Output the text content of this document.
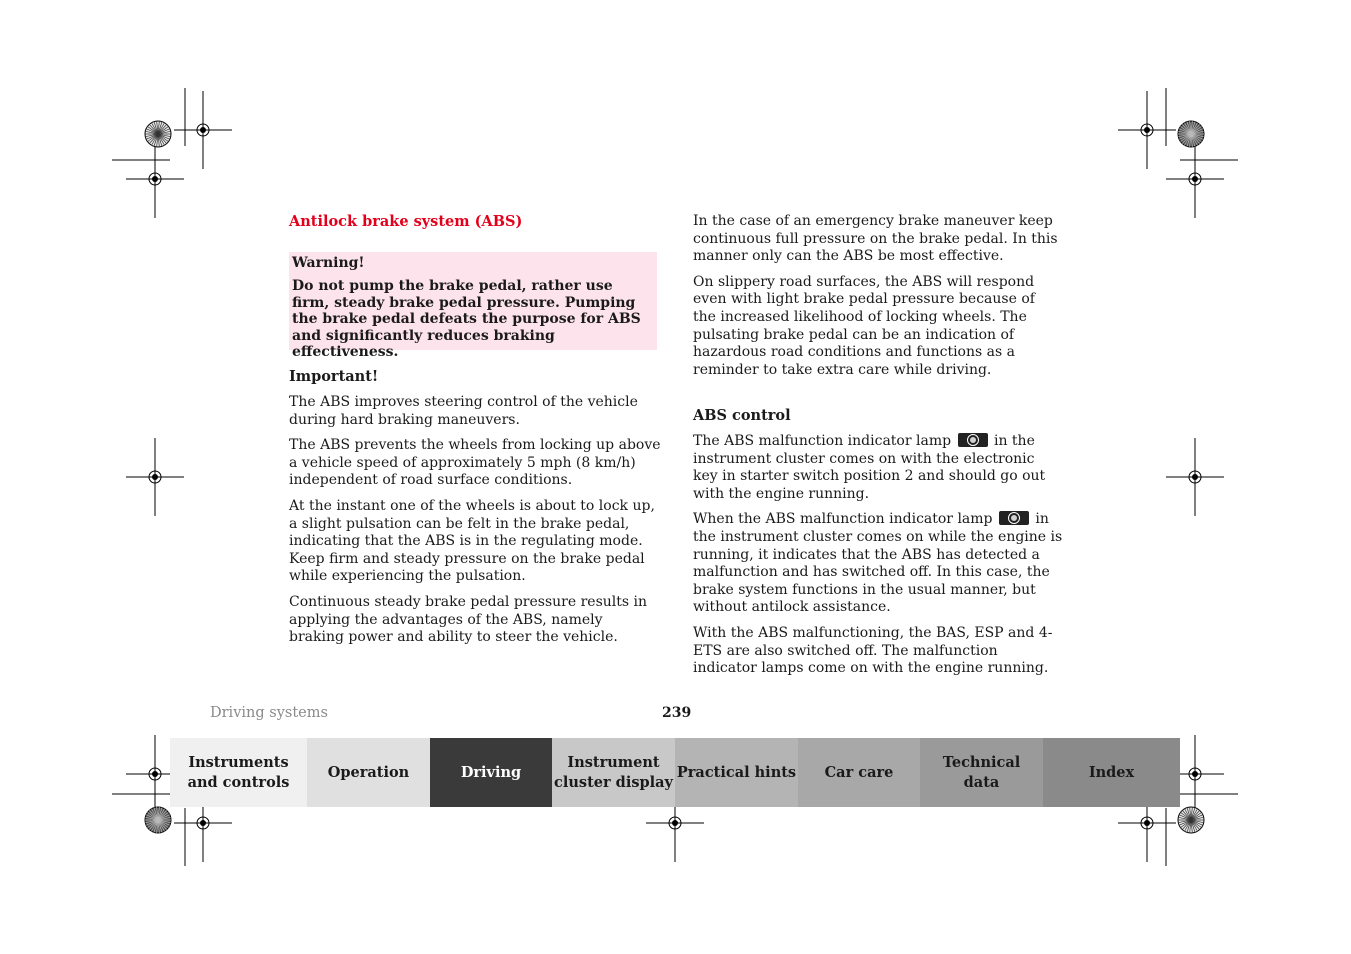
Antilock brake system (ABS)

Warning!

Do not pump the brake pedal, rather use firm, steady brake pedal pressure. Pumping the brake pedal defeats the purpose for ABS and significantly reduces braking effectiveness.

Important!

The ABS improves steering control of the vehicle during hard braking maneuvers.

The ABS prevents the wheels from locking up above a vehicle speed of approximately 5 mph (8 km/h) independent of road surface conditions.

At the instant one of the wheels is about to lock up, a slight pulsation can be felt in the brake pedal, indicating that the ABS is in the regulating mode. Keep firm and steady pressure on the brake pedal while experiencing the pulsation.

Continuous steady brake pedal pressure results in applying the advantages of the ABS, namely braking power and ability to steer the vehicle.

In the case of an emergency brake maneuver keep continuous full pressure on the brake pedal. In this manner only can the ABS be most effective.

On slippery road surfaces, the ABS will respond even with light brake pedal pressure because of the increased likelihood of locking wheels. The pulsating brake pedal can be an indication of hazardous road conditions and functions as a reminder to take extra care while driving.

ABS control

The ABS malfunction indicator lamp	in the instrument cluster comes on with the electronic key in starter switch position 2 and should go out with the engine running.

When the ABS malfunction indicator lamp	in the instrument cluster comes on while the engine is running, it indicates that the ABS has detected a malfunction and has switched off. In this case, the brake system functions in the usual manner, but without antilock assistance.

With the ABS malfunctioning, the BAS, ESP and 4-ETS are also switched off. The malfunction indicator lamps come on with the engine running.

Driving systems	239
Instruments
and controls
Operation	Driving
Instrument
cluster display
Practical hints Car care
Technical
data
Index
